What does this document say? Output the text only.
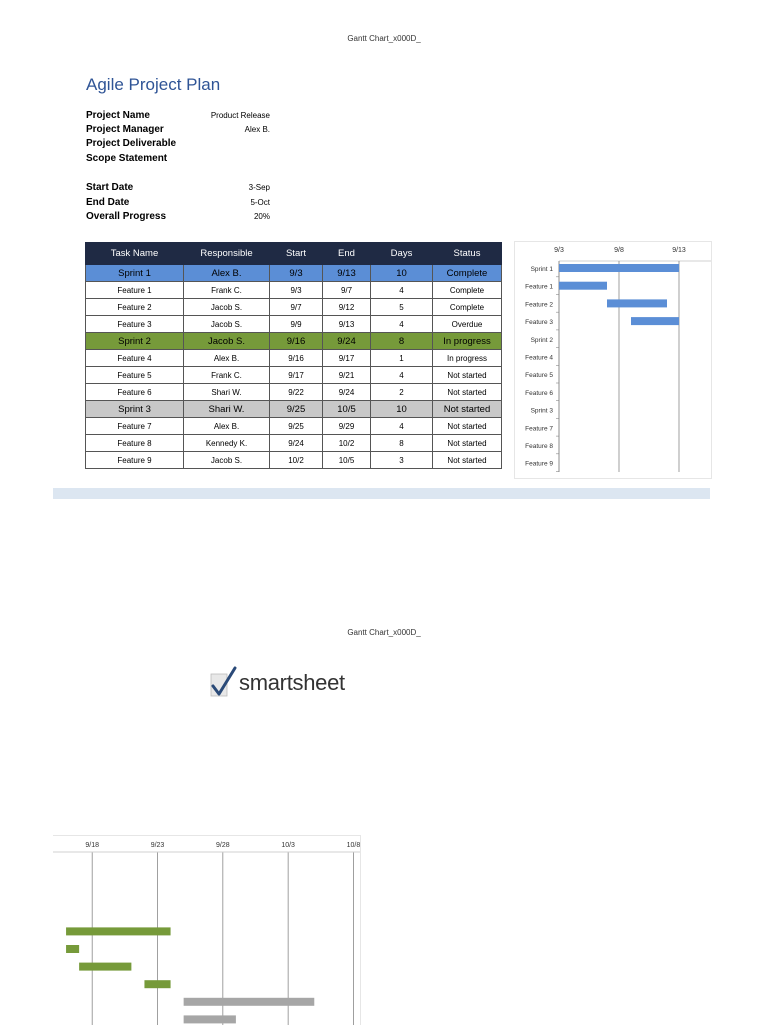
Gantt Chart_x000D_
Agile Project Plan
Project Name	Product Release
Project Manager	Alex B.
Project Deliverable
Scope Statement
Start Date	3-Sep
End Date	5-Oct
Overall Progress	20%
Task Name	Responsible	Start	End	Days	Status
Sprint 1	Alex B.	9/3	9/13	10	Complete
Feature 1	Frank C.	9/3	9/7	4	Complete
Feature 2	Jacob S.	9/7	9/12	5	Complete
Feature 3	Jacob S.	9/9	9/13	4	Overdue
Sprint 2	Jacob S.	9/16	9/24	8	In progress
Feature 4	Alex B.	9/16	9/17	1	In progress
Feature 5	Frank C.	9/17	9/21	4	Not started
Feature 6	Shari W.	9/22	9/24	2	Not started
Sprint 3	Shari W.	9/25	10/5	10	Not started
Feature 7	Alex B.	9/25	9/29	4	Not started
Feature 8	Kennedy K.	9/24	10/2	8	Not started
Feature 9	Jacob S.	10/2	10/5	3	Not started
9/3	9/8	9/13
Sprint 1
Feature 1
Feature 2
Feature 3
Sprint 2
Feature 4
Feature 5
Feature 6
Sprint 3
Feature 7
Feature 8
Feature 9
Gantt Chart_x000D_
smartsheet
9/18	9/23	9/28	10/3	10/8
